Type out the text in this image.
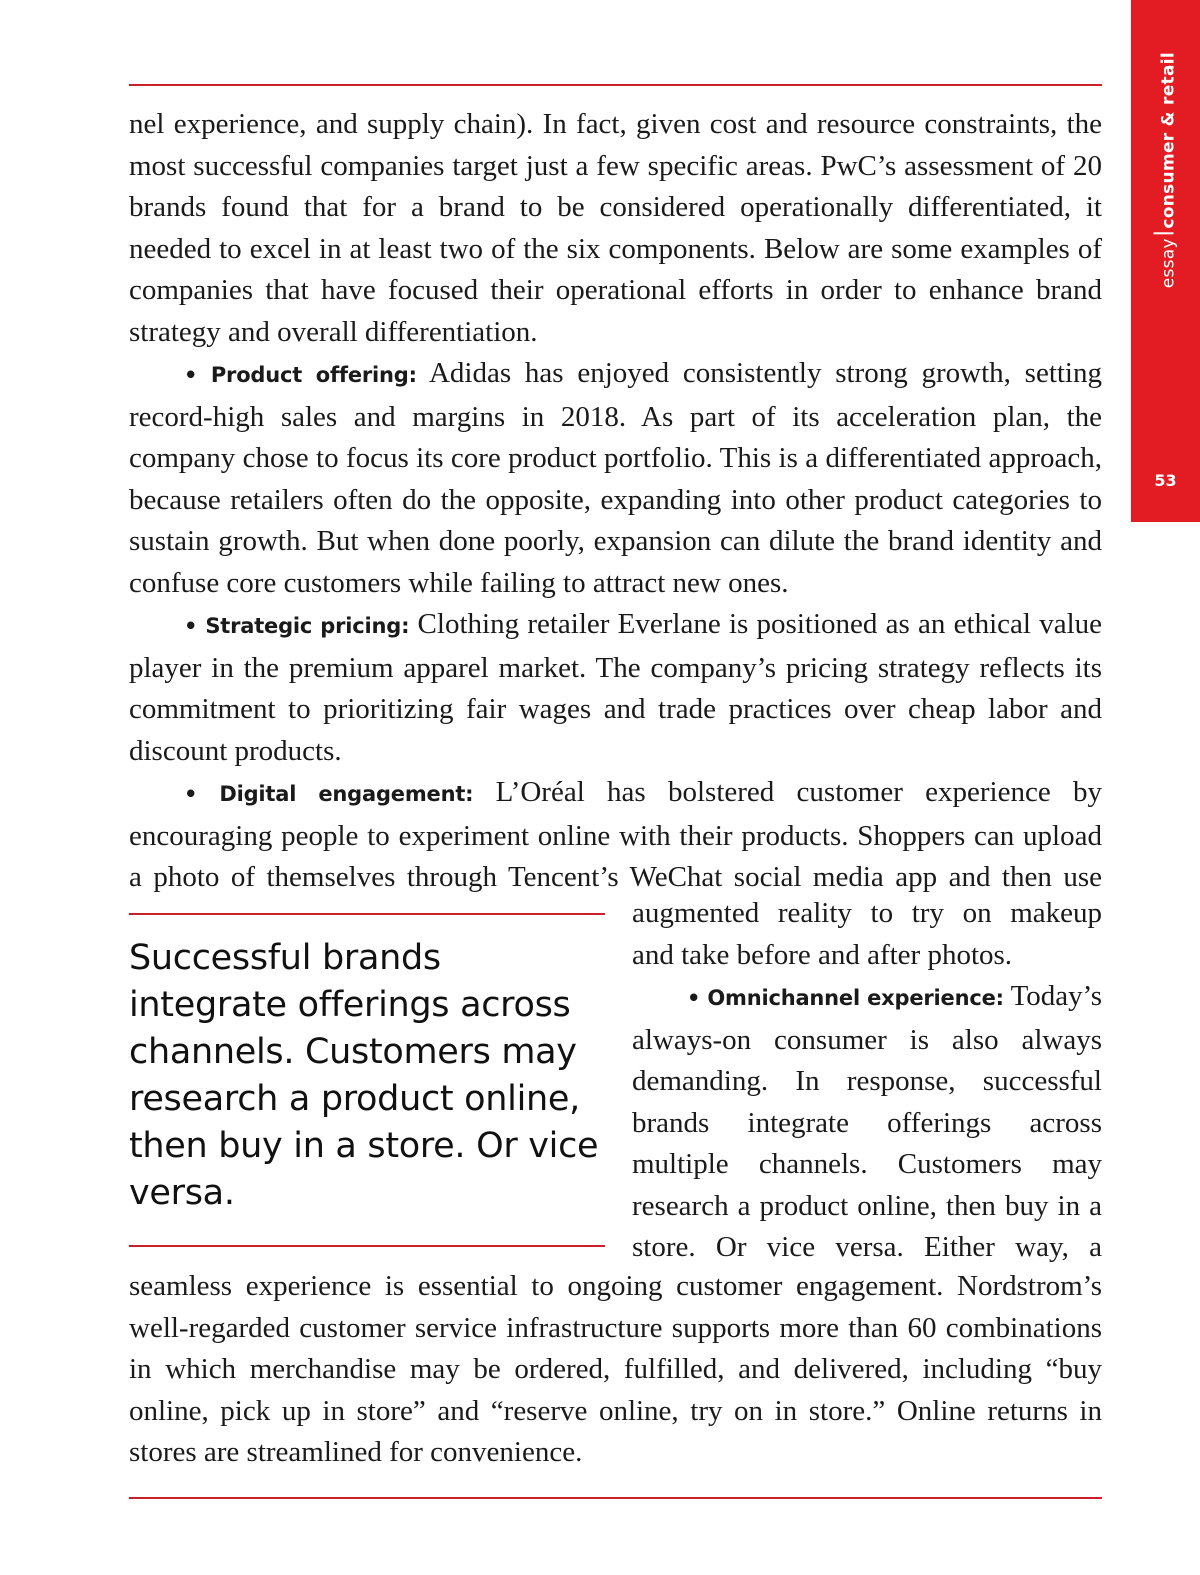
essayconsumer & retail
53

nel experience, and supply chain). In fact, given cost and resource constraints, the most successful companies target just a few specific areas. PwC’s assessment of 20 brands found that for a brand to be considered operationally differentiated, it needed to excel in at least two of the six components. Below are some examples of companies that have focused their operational efforts in order to enhance brand strategy and overall differentiation.

• Product offering: Adidas has enjoyed consistently strong growth, setting record-high sales and margins in 2018. As part of its acceleration plan, the company chose to focus its core product portfolio. This is a differentiated approach, because retailers often do the opposite, expanding into other product categories to sustain growth. But when done poorly, expansion can dilute the brand identity and confuse core customers while failing to attract new ones.

• Strategic pricing: Clothing retailer Everlane is positioned as an ethical value player in the premium apparel market. The company’s pricing strategy reflects its commitment to prioritizing fair wages and trade practices over cheap labor and discount products.

• Digital engagement: L’Oréal has bolstered customer experience by encouraging people to experiment online with their products. Shoppers can upload a photo of themselves through Tencent’s WeChat social media app and then use

Successful brands integrate offerings across channels. Customers may research a product online, then buy in a store. Or vice versa.

augmented reality to try on makeup

and take before and after photos.

• Omnichannel experience: Today’s always-on consumer is also always demanding. In response, successful brands integrate offerings across multiple channels. Customers may research a product online, then buy in a store. Or vice versa. Either way, a

seamless experience is essential to ongoing customer engagement. Nordstrom’s well-regarded customer service infrastructure supports more than 60 combinations in which merchandise may be ordered, fulfilled, and delivered, including “buy online, pick up in store” and “reserve online, try on in store.” Online returns in stores are streamlined for convenience.
